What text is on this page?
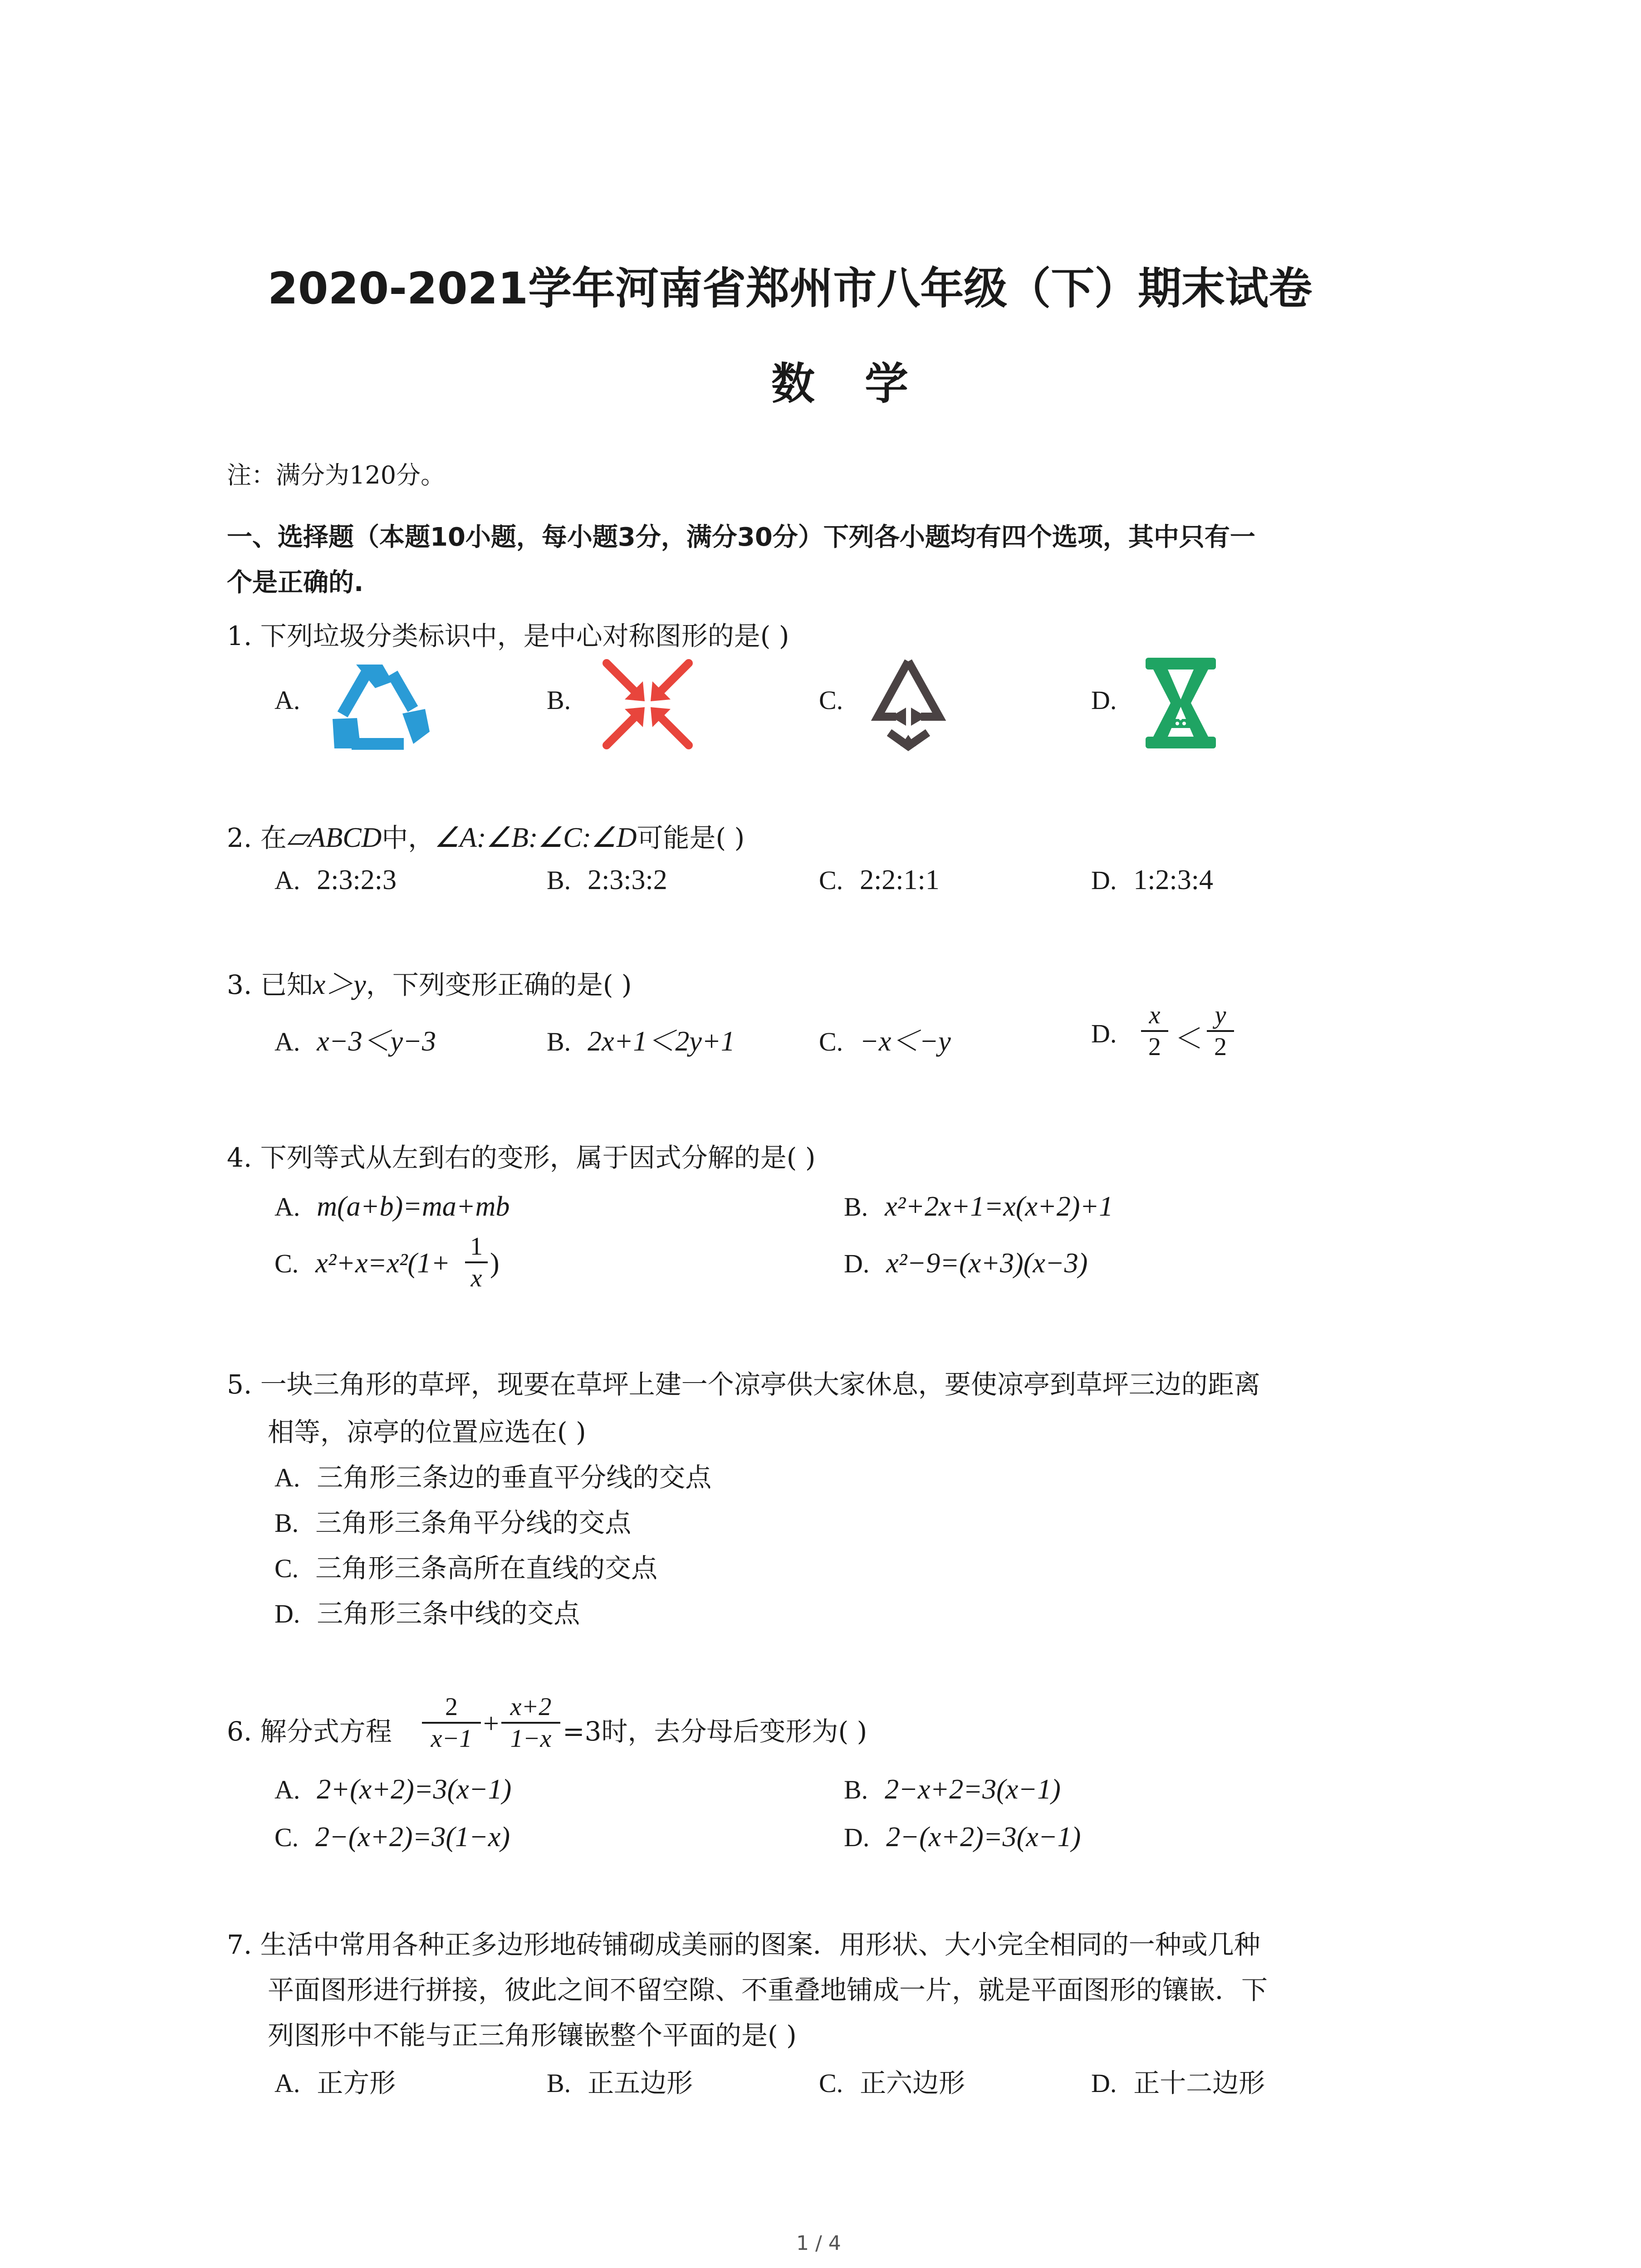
2020-2021学年河南省郑州市八年级（下）期末试卷
数学
注：满分为120分。
一、选择题（本题10小题，每小题3分，满分30分）下列各小题均有四个选项，其中只有一
个是正确的.
1. 下列垃圾分类标识中，是中心对称图形的是( )
A.	B.	C.	D.
2. 在▱ABCD中，∠A:∠B:∠C:∠D可能是( )
A. 2:3:2:3	B. 2:3:3:2	C. 2:2:1:1	D. 1:2:3:4
3. 已知x＞y，下列变形正确的是( )
A. x−3＜y−3	B. 2x+1＜2y+1	C. −x＜−y	D.
x
2 ＜
y
2
4. 下列等式从左到右的变形，属于因式分解的是( )
A. m(a+b)=ma+mb	B. x²+2x+1=x(x+2)+1
C. x²+x=x²(1+
1
x )	D. x²−9=(x+3)(x−3)
5. 一块三角形的草坪，现要在草坪上建一个凉亭供大家休息，要使凉亭到草坪三边的距离
相等，凉亭的位置应选在( )
A. 三角形三条边的垂直平分线的交点
B. 三角形三条角平分线的交点
C. 三角形三条高所在直线的交点
D. 三角形三条中线的交点
6. 解分式方程
2
x−1 +
x+2
1−x =3时，去分母后变形为( )
A. 2+(x+2)=3(x−1)	B. 2−x+2=3(x−1)
C. 2−(x+2)=3(1−x)	D. 2−(x+2)=3(x−1)
7. 生活中常用各种正多边形地砖铺砌成美丽的图案．用形状、大小完全相同的一种或几种
平面图形进行拼接，彼此之间不留空隙、不重叠地铺成一片，就是平面图形的镶嵌．下
列图形中不能与正三角形镶嵌整个平面的是( )
A. 正方形	B. 正五边形	C. 正六边形	D. 正十二边形
1 / 4
